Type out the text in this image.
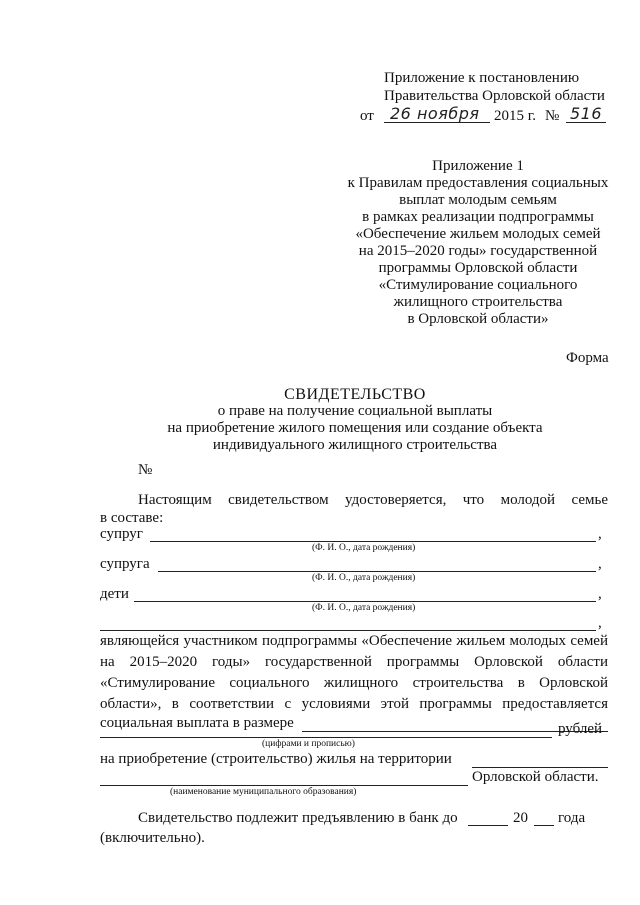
Приложение к постановлению
Правительства Орловской области
от 26 ноября 2015 г. № 516
Приложение 1
к Правилам предоставления социальных
выплат молодым семьям
в рамках реализации подпрограммы
«Обеспечение жильем молодых семей
на 2015–2020 годы» государственной
программы Орловской области
«Стимулирование социального
жилищного строительства
в Орловской области»
Форма
СВИДЕТЕЛЬСТВО
о праве на получение социальной выплаты
на приобретение жилого помещения или создание объекта
индивидуального жилищного строительства
№
Настоящим свидетельством удостоверяется, что молодой семье
в составе:
супруг	,
(Ф. И. О., дата рождения)
супруга	,
(Ф. И. О., дата рождения)
дети	,
(Ф. И. О., дата рождения)
,
являющейся участником подпрограммы «Обеспечение жильем молодых семей
на 2015–2020 годы» государственной программы Орловской области
«Стимулирование социального жилищного строительства в Орловской
области», в соответствии с условиями этой программы предоставляется
социальная выплата в размере	рублей
(цифрами и прописью)
на приобретение (строительство) жилья на территории
Орловской области.
(наименование муниципального образования)
Свидетельство подлежит предъявлению в банк до	20 года
(включительно).
